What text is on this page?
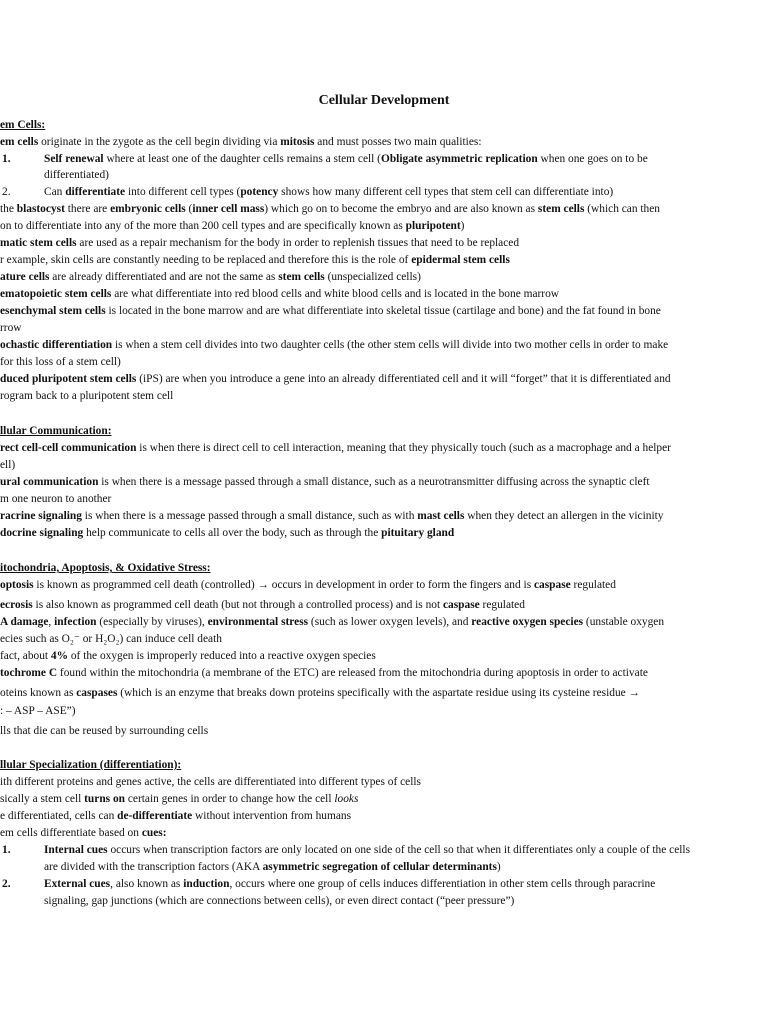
Cellular Development
em Cells:
em cells originate in the zygote as the cell begin dividing via mitosis and must posses two main qualities:
1.	Self renewal where at least one of the daughter cells remains a stem cell (Obligate asymmetric replication when one goes on to be
differentiated)
2.	Can differentiate into different cell types (potency shows how many different cell types that stem cell can differentiate into)
the blastocyst there are embryonic cells (inner cell mass) which go on to become the embryo and are also known as stem cells (which can then
on to differentiate into any of the more than 200 cell types and are specifically known as pluripotent)
matic stem cells are used as a repair mechanism for the body in order to replenish tissues that need to be replaced
r example, skin cells are constantly needing to be replaced and therefore this is the role of epidermal stem cells
ature cells are already differentiated and are not the same as stem cells (unspecialized cells)
ematopoietic stem cells are what differentiate into red blood cells and white blood cells and is located in the bone marrow
esenchymal stem cells is located in the bone marrow and are what differentiate into skeletal tissue (cartilage and bone) and the fat found in bone
rrow
ochastic differentiation is when a stem cell divides into two daughter cells (the other stem cells will divide into two mother cells in order to make
for this loss of a stem cell)
duced pluripotent stem cells (iPS) are when you introduce a gene into an already differentiated cell and it will “forget” that it is differentiated and
rogram back to a pluripotent stem cell
llular Communication:
rect cell-cell communication is when there is direct cell to cell interaction, meaning that they physically touch (such as a macrophage and a helper
ell)
ural communication is when there is a message passed through a small distance, such as a neurotransmitter diffusing across the synaptic cleft
m one neuron to another
racrine signaling is when there is a message passed through a small distance, such as with mast cells when they detect an allergen in the vicinity
docrine signaling help communicate to cells all over the body, such as through the pituitary gland
itochondria, Apoptosis, & Oxidative Stress:
optosis is known as programmed cell death (controlled) → occurs in development in order to form the fingers and is caspase regulated
ecrosis is also known as programmed cell death (but not through a controlled process) and is not caspase regulated
A damage, infection (especially by viruses), environmental stress (such as lower oxygen levels), and reactive oxygen species (unstable oxygen
ecies such as O₂⁻ or H₂O₂) can induce cell death
fact, about 4% of the oxygen is improperly reduced into a reactive oxygen species
tochrome C found within the mitochondria (a membrane of the ETC) are released from the mitochondria during apoptosis in order to activate
oteins known as caspases (which is an enzyme that breaks down proteins specifically with the aspartate residue using its cysteine residue →
: – ASP – ASE”)
lls that die can be reused by surrounding cells
llular Specialization (differentiation):
ith different proteins and genes active, the cells are differentiated into different types of cells
sically a stem cell turns on certain genes in order to change how the cell looks
e differentiated, cells can de-differentiate without intervention from humans
em cells differentiate based on cues:
1.	Internal cues occurs when transcription factors are only located on one side of the cell so that when it differentiates only a couple of the cells
are divided with the transcription factors (AKA asymmetric segregation of cellular determinants)
2.	External cues, also known as induction, occurs where one group of cells induces differentiation in other stem cells through paracrine
signaling, gap junctions (which are connections between cells), or even direct contact (“peer pressure”)
